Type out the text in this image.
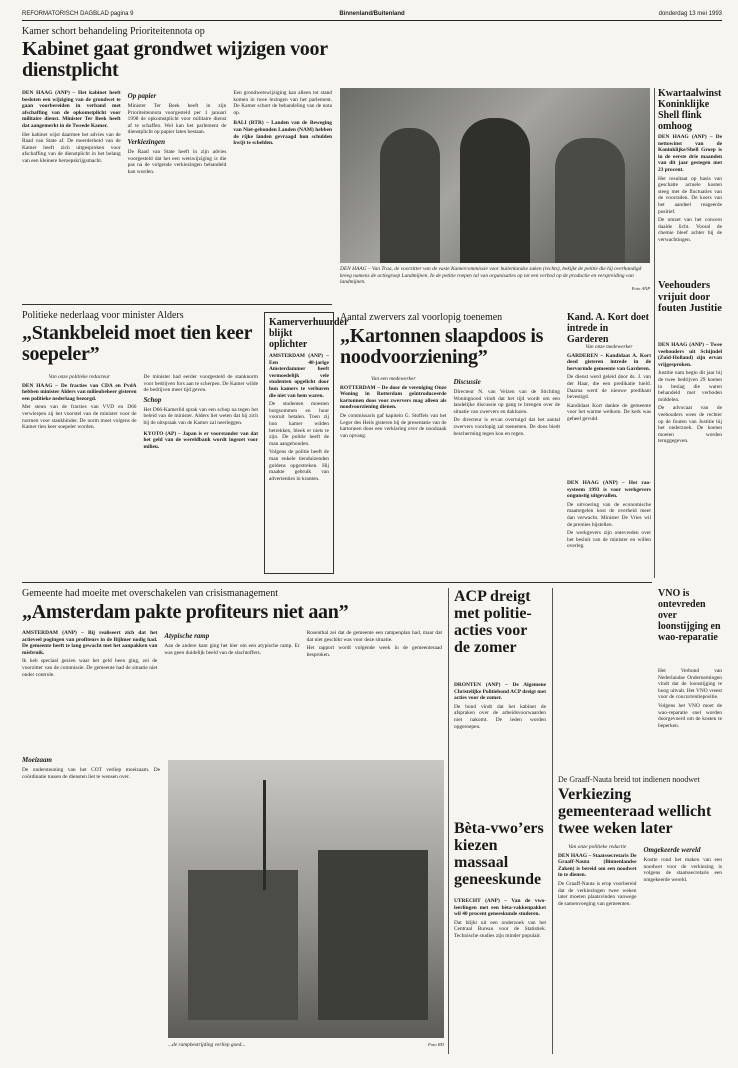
REFORMATORISCH DAGBLAD pagina 9	Binnenland/Buitenland	donderdag 13 mei 1993
Kamer schort behandeling Prioriteitennota op
Kabinet gaat grondwet wijzigen voor dienstplicht
DEN HAAG (ANP) – Het kabinet heeft besloten een wijziging van de grondwet te gaan voorbereiden in verband met afschaffing van de opkomstplicht voor militaire dienst. Minister Ter Beek heeft dat aangemerkt in de Tweede Kamer.

Het kabinet wijst daarmee het advies van de Raad van State af. De meerderheid van de Kamer heeft zich uitgesproken voor afschaffing van de dienstplicht in het belang van een kleinere beroepskrijgsmacht.

Op papier

Minister Ter Beek heeft in zijn Prioriteitennota voorgesteld per 1 januari 1998 de opkomstplicht voor militaire dienst af te schaffen. Wel kan het parlement de dienstplicht op papier laten bestaan.

Verkiezingen

De Raad van State heeft in zijn advies voorgesteld dat het een wetswijziging is die pas na de volgende verkiezingen behandeld kan worden.

Een grondwetswijziging kan alleen tot stand komen in twee lezingen van het parlement. De Kamer schort de behandeling van de nota op.

BALI (RTR) – Landen van de Beweging van Niet-gebonden Landen (NAM) hebben de rijke landen gevraagd hun schulden kwijt te schelden.

DEN HAAG – Van Traa, de voorzitter van de vaste Kamercommissie voor buitenlandse zaken (rechts), bekijkt de petitie die hij overhandigd kreeg namens de actiegroep Landmijnen. In de petitie roepen tal van organisaties op tot een verbod op de productie en verspreiding van landmijnen.
Foto ANP
Kwartaalwinst Koninklijke Shell flink omhoog
DEN HAAG (ANP) – De nettowinst van de Koninklijke/Shell Groep is in de eerste drie maanden van dit jaar gestegen met 23 procent.

Het resultaat op basis van geschatte actuele kosten steeg met de fluctuaties van de voorraden. De koers van het aandeel reageerde positief.

De omzet van het concern daalde licht. Vooral de chemie bleef achter bij de verwachtingen.

Politieke nederlaag voor minister Alders
„Stankbeleid moet tien keer soepeler”
Van onze politieke redacteur
DEN HAAG – De fracties van CDA en PvdA hebben minister Alders van milieubeheer gisteren een politieke nederlaag bezorgd.

Met steun van de fracties van VVD en D66 verwierpen zij het voorstel van de minister voor de normen voor stankhinder. De norm moet volgens de Kamer tien keer soepeler worden.

De minister had eerder voorgesteld de stanknorm voor bedrijven fors aan te scherpen. De Kamer wilde de bedrijven meer tijd geven.

Schop

Het D66-Kamerlid sprak van een schop na tegen het beleid van de minister. Alders liet weten dat hij zich bij de uitspraak van de Kamer zal neerleggen.

KYOTO (AP) – Japan is er voorstander van dat het geld van de wereldbank wordt ingezet voor milieu.

Kamerverhuurder blijkt oplichter
AMSTERDAM (ANP) – Een 48-jarige Amsterdammer heeft vermoedelijk vele studenten opgelicht door hun kamers te verhuren die niet van hem waren.

De studenten moesten borgsommen en huur vooruit betalen. Toen zij hun kamer wilden betrekken, bleek er niets te zijn. De politie heeft de man aangehouden.

Volgens de politie heeft de man enkele tienduizenden guldens opgestreken. Hij maakte gebruik van advertenties in kranten.

Aantal zwervers zal voorlopig toenemen
„Kartonnen slaapdoos is noodvoorziening”
Van een medewerker
ROTTERDAM – De door de vereniging Onze Woning in Rotterdam geïntroduceerde kartonnen doos voor zwervers mag alleen als noodvoorziening dienen.

De commissaris gaf kapitein G. Stoffels van het Leger des Heils gisteren bij de presentatie van de kartonnen doos een verklaring over de noodzaak van opvang.

Discussie

Directeur N. van Velzen van de Stichting Woningnood vindt dat het tijd wordt om een landelijke discussie op gang te brengen over de situatie van zwervers en daklozen.

De directeur is ervan overtuigd dat het aantal zwervers voorlopig zal toenemen. De doos biedt bescherming tegen kou en regen.

Kand. A. Kort doet intrede in Garderen
Van onze medewerker
GARDEREN – Kandidaat A. Kort deed gisteren intrede in de hervormde gemeente van Garderen.

De dienst werd geleid door ds. J. van der Haar, die een predikatie hield. Daarna werd de nieuwe predikant bevestigd.

Kandidaat Kort dankte de gemeente voor het warme welkom. De kerk was geheel gevuld.

DEN HAAG (ANP) – Het rao-systeem 1993 is voor werkgevers ongunstig uitgevallen.

De uitvoering van de economische maatregelen kost de overheid meer dan verwacht. Minister De Vries wil de premies bijstellen.

De werkgevers zijn ontevreden over het besluit van de minister en willen overleg.

Veehouders vrijuit door fouten Justitie
DEN HAAG (ANP) – Twee veehouders uit Schijndel (Zuid-Holland) zijn ervan vrijgesproken.

Justitie nam begin dit jaar bij de twee bedrijven 29 koeien in beslag die waren behandeld met verboden middelen.

De advocaat van de veehouders wees de rechter op de fouten van Justitie bij het onderzoek. De koeien moeten worden teruggegeven.

Gemeente had moeite met overschakelen van crisismanagement
„Amsterdam pakte profiteurs niet aan”
AMSTERDAM (ANP) – Bij realiseert zich dat het actieveel pogingen van profiteurs in de Bijlmer nodig had. De gemeente heeft te lang gewacht met het aanpakken van misbruik.

Ik heb speciaal gezien waar het geld heen ging, zei de voorzitter van de commissie. De gemeente had de situatie niet onder controle.

Atypische ramp

Aan de andere kant ging het hier om een atypische ramp. Er was geen duidelijk beeld van de slachtoffers.

Rosenthal zei dat de gemeente een rampenplan had, maar dat dat niet geschikt was voor deze situatie.

Het rapport wordt volgende week in de gemeenteraad besproken.

Moeizaam

De ondersteuning van het COT verliep moeizaam. De coördinatie tussen de diensten liet te wensen over.

...de rampbestrijding verliep goed...	Foto RD
ACP dreigt met politie-acties voor de zomer
DRONTEN (ANP) – De Algemene Christelijke Politiebond ACP dreigt met acties voor de zomer.

De bond vindt dat het kabinet de afspraken over de arbeidsvoorwaarden niet nakomt. De leden worden opgeroepen.

Bèta-vwo’ers kiezen massaal geneeskunde
UTRECHT (ANP) – Van de vwo-leerlingen met een bèta-vakkenpakket wil 40 procent geneeskunde studeren.

Dat blijkt uit een onderzoek van het Centraal Bureau voor de Statistiek. Technische studies zijn minder populair.

VNO is ontevreden over loonstijging en wao-reparatie

Het Verbond van Nederlandse Ondernemingen vindt dat de loonstijging te hoog uitvalt. Het VNO vreest voor de concurrentiepositie.

Volgens het VNO moet de wao-reparatie snel worden doorgevoerd om de kosten te beperken.

De Graaff-Nauta breid tot indienen noodwet
Verkiezing gemeenteraad wellicht twee weken later
Van onze politieke redactie
DEN HAAG – Staatssecretaris De Graaff-Nauta (Binnenlandse Zaken) is bereid om een noodwet in te dienen.

De Graaff-Nauta is erop voorbereid dat de verkiezingen twee weken later moeten plaatsvinden vanwege de samenvoeging van gemeenten.

Omgekeerde wereld

Kostte rond het maken van een noodwet voor de verkiezing is volgens de staatssecretaris een omgekeerde wereld.
